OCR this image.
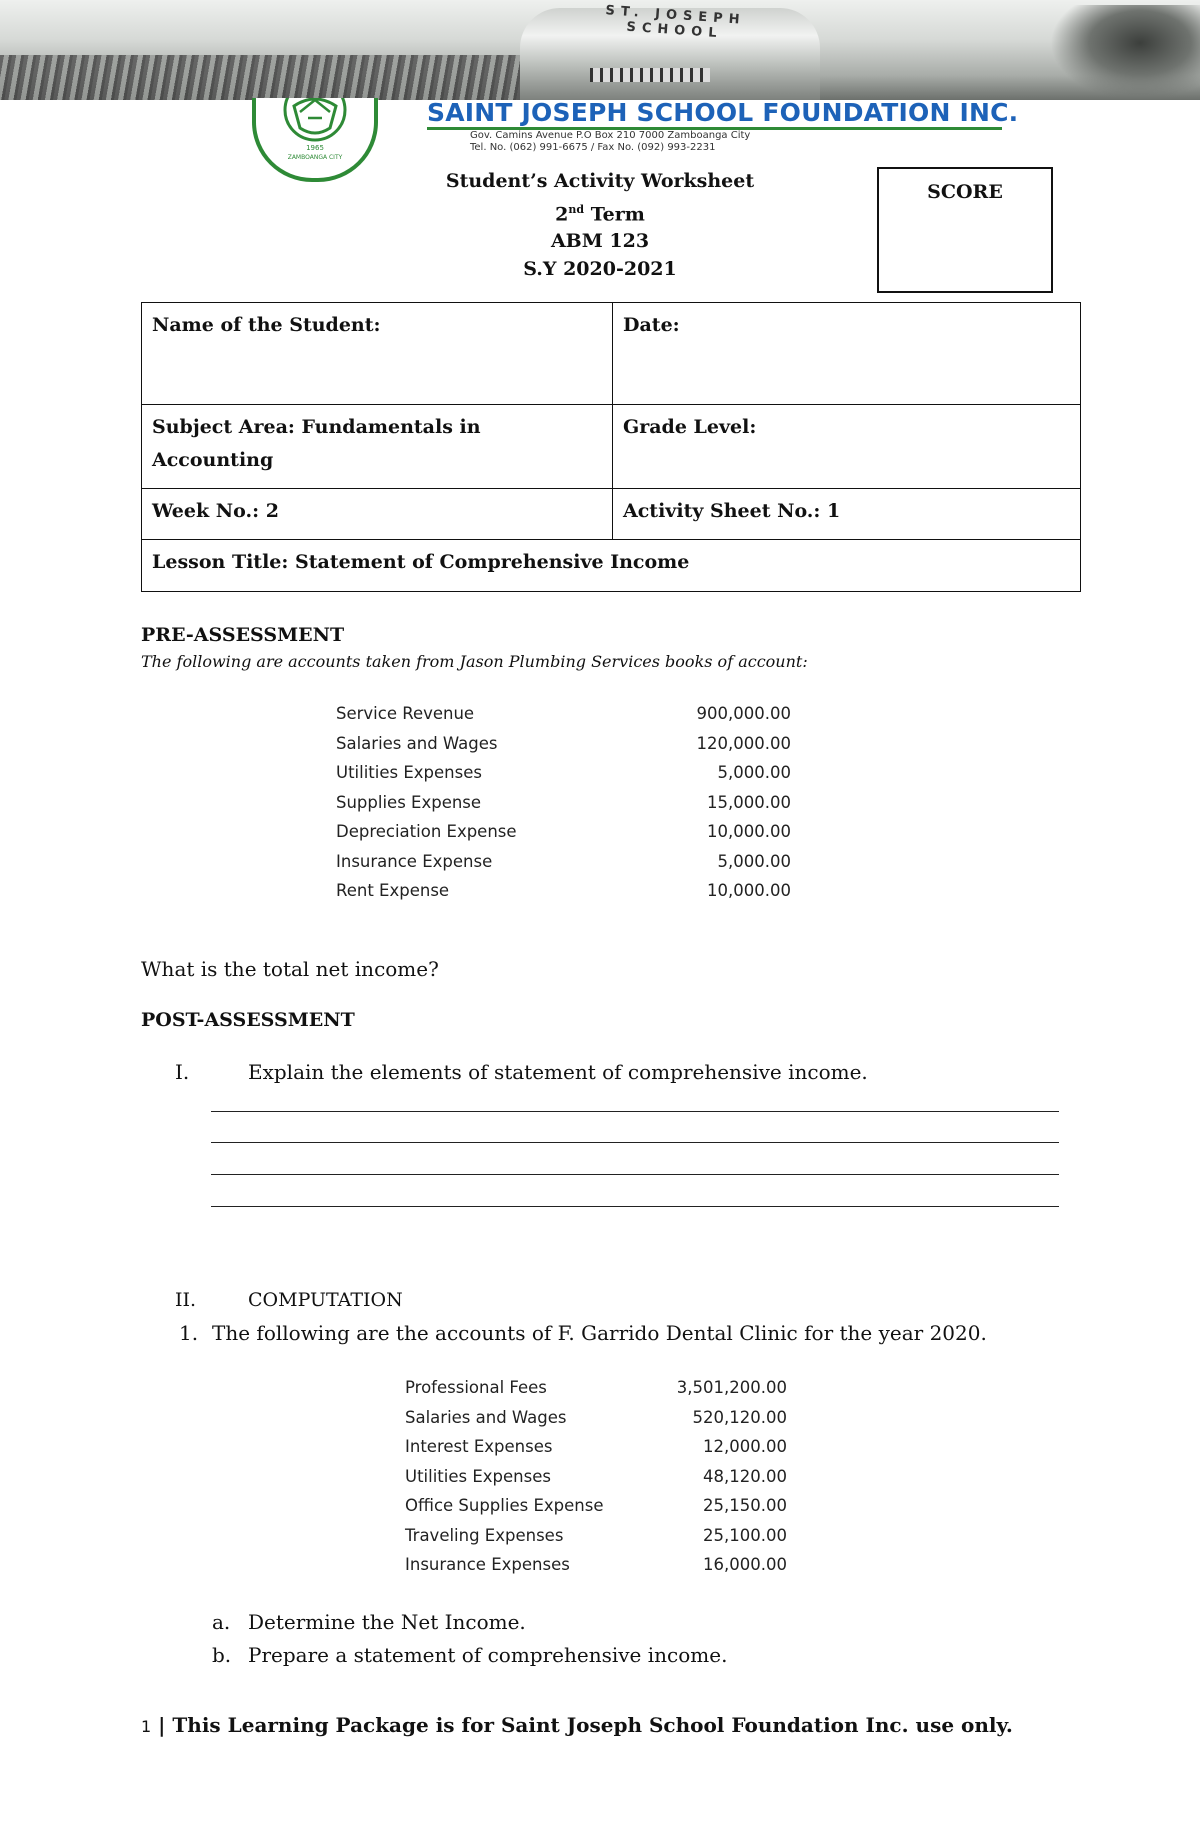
ST. JOSEPH SCHOOL
1965
ZAMBOANGA CITY
SAINT JOSEPH SCHOOL FOUNDATION INC.
Gov. Camins Avenue P.O Box 210 7000 Zamboanga City
Tel. No. (062) 991-6675 / Fax No. (092) 993-2231
Student’s Activity Worksheet
2nd Term
ABM 123
S.Y 2020-2021
SCORE
Name of the Student:	Date:
Subject Area: Fundamentals in Accounting	Grade Level:
Week No.: 2	Activity Sheet No.: 1
Lesson Title: Statement of Comprehensive Income	
PRE-ASSESSMENT
The following are accounts taken from Jason Plumbing Services books of account:
Service Revenue	900,000.00
Salaries and Wages	120,000.00
Utilities Expenses	5,000.00
Supplies Expense	15,000.00
Depreciation Expense	10,000.00
Insurance Expense	5,000.00
Rent Expense	10,000.00
What is the total net income?
POST-ASSESSMENT
I.	Explain the elements of statement of comprehensive income.
II.	COMPUTATION
1. The following are the accounts of F. Garrido Dental Clinic for the year 2020.
Professional Fees	3,501,200.00
Salaries and Wages	520,120.00
Interest Expenses	12,000.00
Utilities Expenses	48,120.00
Office Supplies Expense	25,150.00
Traveling Expenses	25,100.00
Insurance Expenses	16,000.00
a. Determine the Net Income.
b. Prepare a statement of comprehensive income.
1 | This Learning Package is for Saint Joseph School Foundation Inc. use only.
